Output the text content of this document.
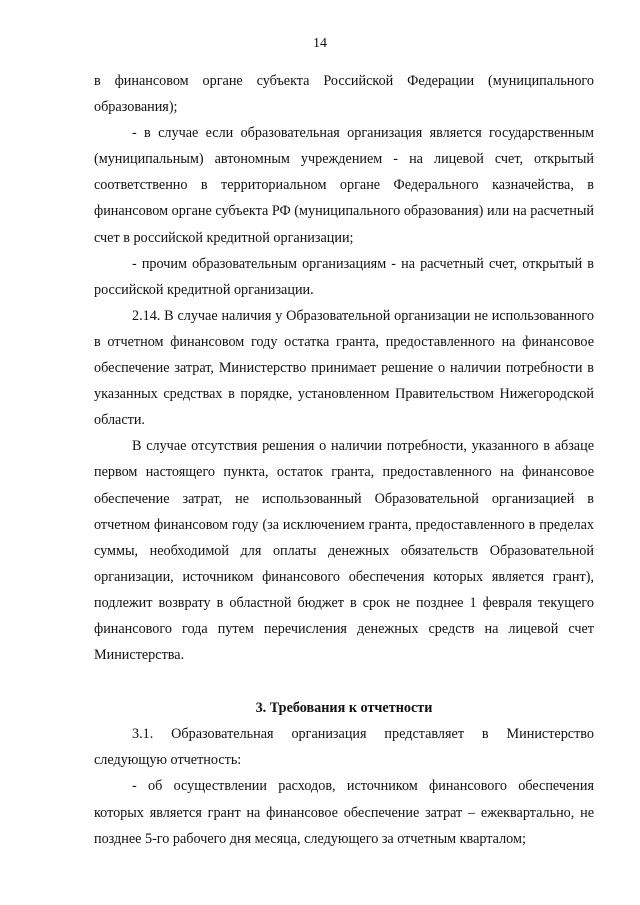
14

в финансовом органе субъекта Российской Федерации (муниципального образования);

- в случае если образовательная организация является государственным (муниципальным) автономным учреждением - на лицевой счет, открытый соответственно в территориальном органе Федерального казначейства, в финансовом органе субъекта РФ (муниципального образования) или на расчетный счет в российской кредитной организации;

- прочим образовательным организациям - на расчетный счет, открытый в российской кредитной организации.

2.14. В случае наличия у Образовательной организации не использованного в отчетном финансовом году остатка гранта, предоставленного на финансовое обеспечение затрат, Министерство принимает решение о наличии потребности в указанных средствах в порядке, установленном Правительством Нижегородской области.

В случае отсутствия решения о наличии потребности, указанного в абзаце первом настоящего пункта, остаток гранта, предоставленного на финансовое обеспечение затрат, не использованный Образовательной организацией в отчетном финансовом году (за исключением гранта, предоставленного в пределах суммы, необходимой для оплаты денежных обязательств Образовательной организации, источником финансового обеспечения которых является грант), подлежит возврату в областной бюджет в срок не позднее 1 февраля текущего финансового года путем перечисления денежных средств на лицевой счет Министерства.

3. Требования к отчетности

3.1. Образовательная организация представляет в Министерство следующую отчетность:

- об осуществлении расходов, источником финансового обеспечения которых является грант на финансовое обеспечение затрат – ежеквартально, не позднее 5-го рабочего дня месяца, следующего за отчетным кварталом;
